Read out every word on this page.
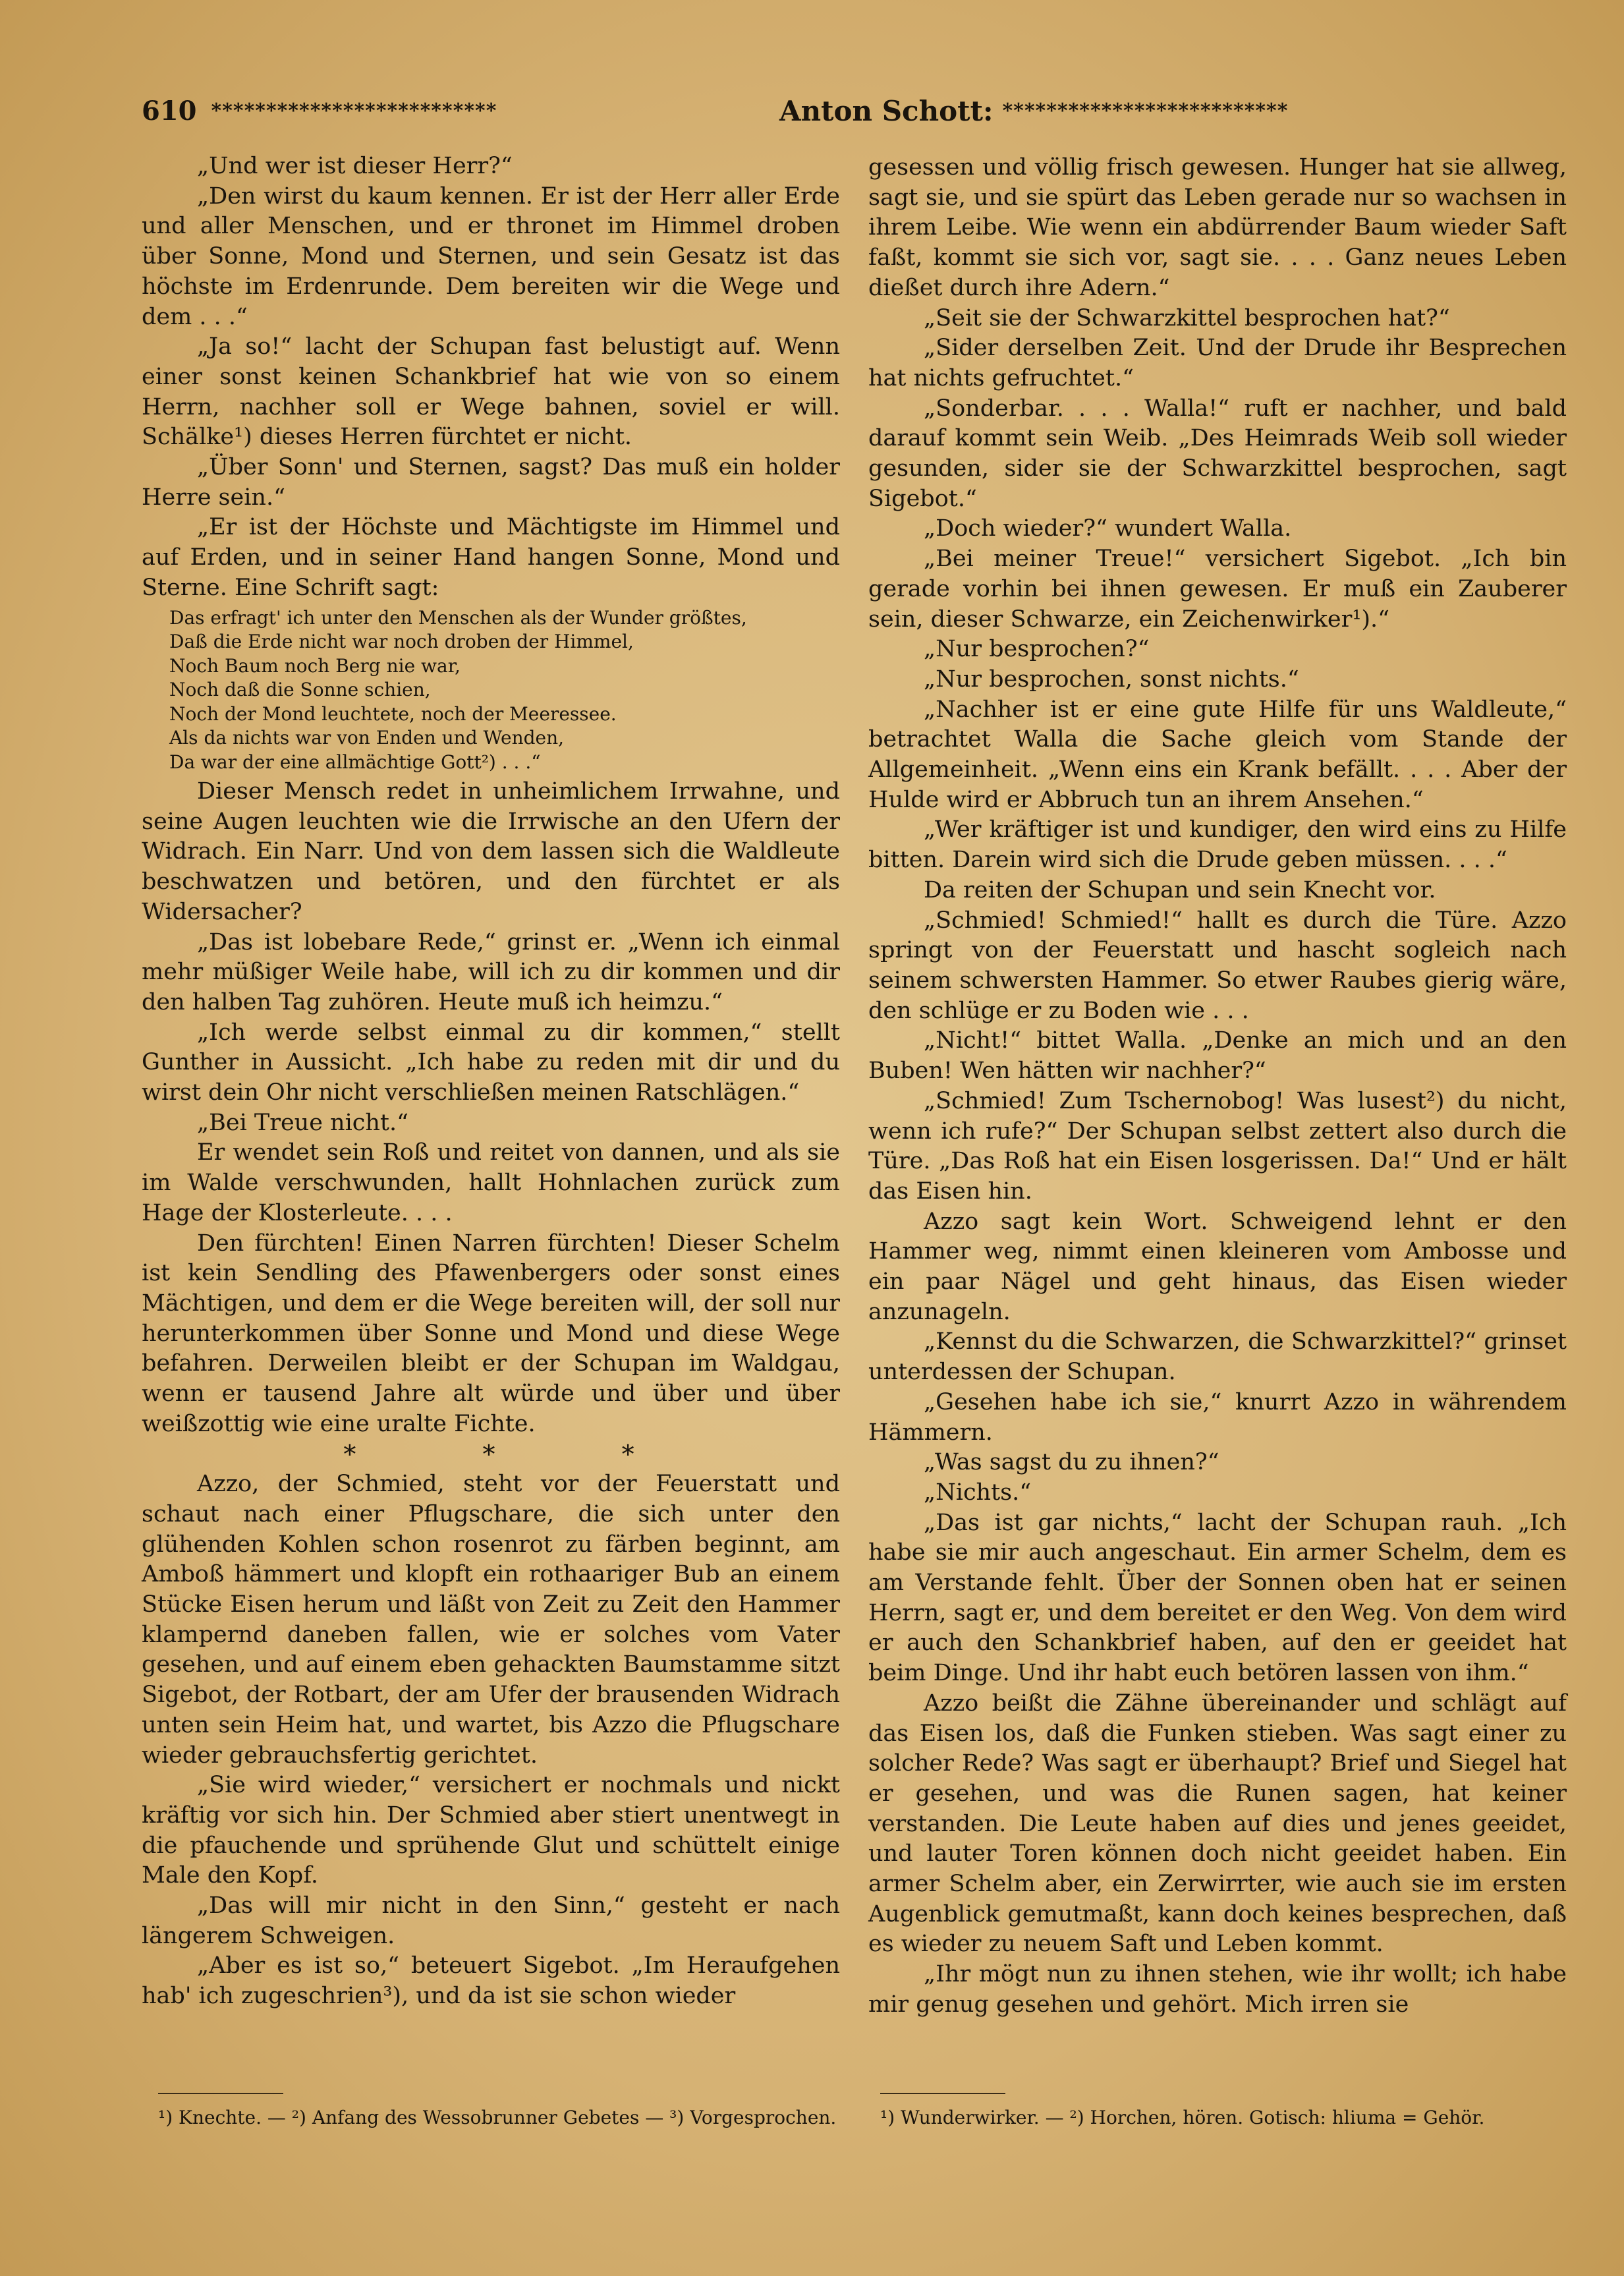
610 **************************	Anton Schott: **************************

„Und wer ist dieser Herr?“

„Den wirst du kaum kennen. Er ist der Herr aller Erde und aller Menschen, und er thronet im Himmel droben über Sonne, Mond und Sternen, und sein Gesatz ist das höchste im Erdenrunde. Dem bereiten wir die Wege und dem . . .“

„Ja so!“ lacht der Schupan fast belustigt auf. Wenn einer sonst keinen Schankbrief hat wie von so einem Herrn, nachher soll er Wege bahnen, soviel er will. Schälke¹) dieses Herren fürchtet er nicht.

„Über Sonn' und Sternen, sagst? Das muß ein holder Herre sein.“

„Er ist der Höchste und Mächtigste im Himmel und auf Erden, und in seiner Hand hangen Sonne, Mond und Sterne. Eine Schrift sagt:

Das erfragt' ich unter den Menschen als der Wunder größtes,
Daß die Erde nicht war noch droben der Himmel,
Noch Baum noch Berg nie war,
Noch daß die Sonne schien,
Noch der Mond leuchtete, noch der Meeressee.
Als da nichts war von Enden und Wenden,
Da war der eine allmächtige Gott²) . . .“

Dieser Mensch redet in unheimlichem Irrwahne, und seine Augen leuchten wie die Irrwische an den Ufern der Widrach. Ein Narr. Und von dem lassen sich die Waldleute beschwatzen und betören, und den fürchtet er als Widersacher?

„Das ist lobebare Rede,“ grinst er. „Wenn ich einmal mehr müßiger Weile habe, will ich zu dir kommen und dir den halben Tag zuhören. Heute muß ich heimzu.“

„Ich werde selbst einmal zu dir kommen,“ stellt Gunther in Aussicht. „Ich habe zu reden mit dir und du wirst dein Ohr nicht verschließen meinen Ratschlägen.“

„Bei Treue nicht.“

Er wendet sein Roß und reitet von dannen, und als sie im Walde verschwunden, hallt Hohnlachen zurück zum Hage der Klosterleute. . . .

Den fürchten! Einen Narren fürchten! Dieser Schelm ist kein Sendling des Pfawenbergers oder sonst eines Mächtigen, und dem er die Wege bereiten will, der soll nur herunterkommen über Sonne und Mond und diese Wege befahren. Derweilen bleibt er der Schupan im Waldgau, wenn er tausend Jahre alt würde und über und über weißzottig wie eine uralte Fichte.

* * *

Azzo, der Schmied, steht vor der Feuerstatt und schaut nach einer Pflugschare, die sich unter den glühenden Kohlen schon rosenrot zu färben beginnt, am Amboß hämmert und klopft ein rothaariger Bub an einem Stücke Eisen herum und läßt von Zeit zu Zeit den Hammer klampernd daneben fallen, wie er solches vom Vater gesehen, und auf einem eben gehackten Baumstamme sitzt Sigebot, der Rotbart, der am Ufer der brausenden Widrach unten sein Heim hat, und wartet, bis Azzo die Pflugschare wieder gebrauchsfertig gerichtet.

„Sie wird wieder,“ versichert er nochmals und nickt kräftig vor sich hin. Der Schmied aber stiert unentwegt in die pfauchende und sprühende Glut und schüttelt einige Male den Kopf.

„Das will mir nicht in den Sinn,“ gesteht er nach längerem Schweigen.

„Aber es ist so,“ beteuert Sigebot. „Im Heraufgehen hab' ich zugeschrien³), und da ist sie schon wieder

gesessen und völlig frisch gewesen. Hunger hat sie allweg, sagt sie, und sie spürt das Leben gerade nur so wachsen in ihrem Leibe. Wie wenn ein abdürrender Baum wieder Saft faßt, kommt sie sich vor, sagt sie. . . . Ganz neues Leben dießet durch ihre Adern.“

„Seit sie der Schwarzkittel besprochen hat?“

„Sider derselben Zeit. Und der Drude ihr Besprechen hat nichts gefruchtet.“

„Sonderbar. . . . Walla!“ ruft er nachher, und bald darauf kommt sein Weib. „Des Heimrads Weib soll wieder gesunden, sider sie der Schwarzkittel besprochen, sagt Sigebot.“

„Doch wieder?“ wundert Walla.

„Bei meiner Treue!“ versichert Sigebot. „Ich bin gerade vorhin bei ihnen gewesen. Er muß ein Zauberer sein, dieser Schwarze, ein Zeichenwirker¹).“

„Nur besprochen?“

„Nur besprochen, sonst nichts.“

„Nachher ist er eine gute Hilfe für uns Waldleute,“ betrachtet Walla die Sache gleich vom Stande der Allgemeinheit. „Wenn eins ein Krank befällt. . . . Aber der Hulde wird er Abbruch tun an ihrem Ansehen.“

„Wer kräftiger ist und kundiger, den wird eins zu Hilfe bitten. Darein wird sich die Drude geben müssen. . . .“

Da reiten der Schupan und sein Knecht vor.

„Schmied! Schmied!“ hallt es durch die Türe. Azzo springt von der Feuerstatt und hascht sogleich nach seinem schwersten Hammer. So etwer Raubes gierig wäre, den schlüge er zu Boden wie . . .

„Nicht!“ bittet Walla. „Denke an mich und an den Buben! Wen hätten wir nachher?“

„Schmied! Zum Tschernobog! Was lusest²) du nicht, wenn ich rufe?“ Der Schupan selbst zettert also durch die Türe. „Das Roß hat ein Eisen losgerissen. Da!“ Und er hält das Eisen hin.

Azzo sagt kein Wort. Schweigend lehnt er den Hammer weg, nimmt einen kleineren vom Ambosse und ein paar Nägel und geht hinaus, das Eisen wieder anzunageln.

„Kennst du die Schwarzen, die Schwarzkittel?“ grinset unterdessen der Schupan.

„Gesehen habe ich sie,“ knurrt Azzo in währendem Hämmern.

„Was sagst du zu ihnen?“

„Nichts.“

„Das ist gar nichts,“ lacht der Schupan rauh. „Ich habe sie mir auch angeschaut. Ein armer Schelm, dem es am Verstande fehlt. Über der Sonnen oben hat er seinen Herrn, sagt er, und dem bereitet er den Weg. Von dem wird er auch den Schankbrief haben, auf den er geeidet hat beim Dinge. Und ihr habt euch betören lassen von ihm.“

Azzo beißt die Zähne übereinander und schlägt auf das Eisen los, daß die Funken stieben. Was sagt einer zu solcher Rede? Was sagt er überhaupt? Brief und Siegel hat er gesehen, und was die Runen sagen, hat keiner verstanden. Die Leute haben auf dies und jenes geeidet, und lauter Toren können doch nicht geeidet haben. Ein armer Schelm aber, ein Zerwirrter, wie auch sie im ersten Augenblick gemutmaßt, kann doch keines besprechen, daß es wieder zu neuem Saft und Leben kommt.

„Ihr mögt nun zu ihnen stehen, wie ihr wollt; ich habe mir genug gesehen und gehört. Mich irren sie

¹) Knechte. — ²) Anfang des Wessobrunner Gebetes — ³) Vorgesprochen.	¹) Wunderwirker. — ²) Horchen, hören. Gotisch: hliuma = Gehör.
